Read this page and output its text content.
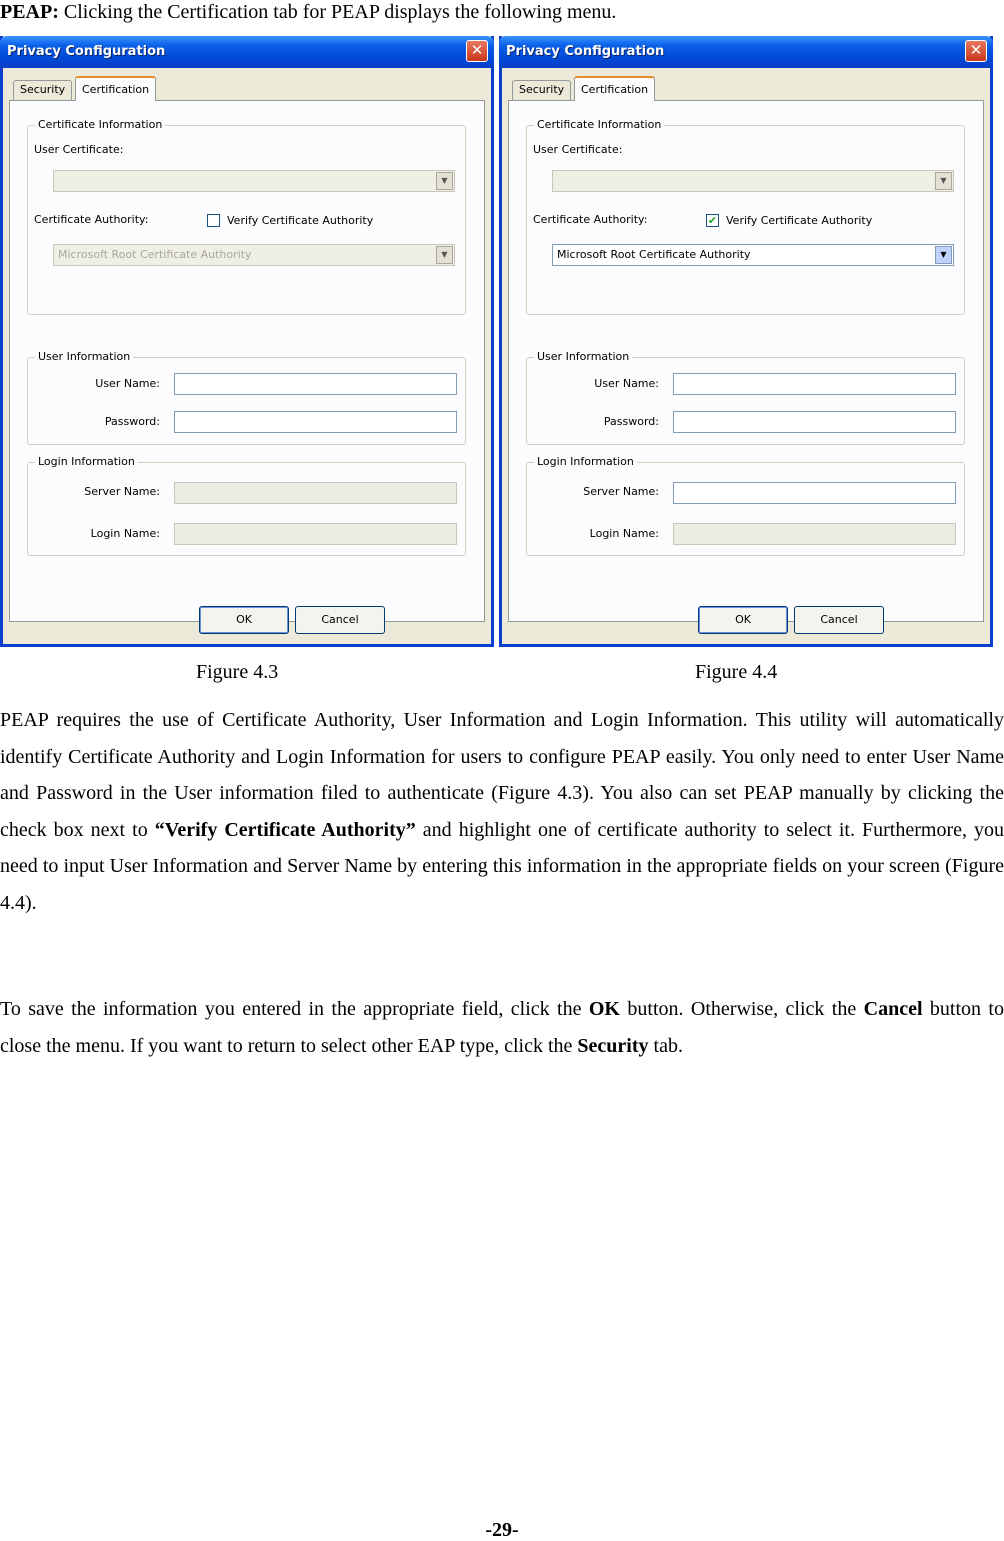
PEAP: Clicking the Certification tab for PEAP displays the following menu.
Privacy Configuration	✕
Security	Certification
Certificate Information
User Certificate:
▼
Certificate Authority:	Verify Certificate Authority
Microsoft Root Certificate Authority	▼
User Information
User Name:
Password:
Login Information
Server Name:
Login Name:
OK	Cancel
Privacy Configuration	✕
Security	Certification
Certificate Information
User Certificate:
▼
Certificate Authority:	✔ Verify Certificate Authority
Microsoft Root Certificate Authority	▼
User Information
User Name:
Password:
Login Information
Server Name:
Login Name:
OK	Cancel
Figure 4.3	Figure 4.4

PEAP requires the use of Certificate Authority, User Information and Login Information. This utility will automatically identify Certificate Authority and Login Information for users to configure PEAP easily. You only need to enter User Name and Password in the User information filed to authenticate (Figure 4.3). You also can set PEAP manually by clicking the check box next to “Verify Certificate Authority” and highlight one of certificate authority to select it. Furthermore, you need to input User Information and Server Name by entering this information in the appropriate fields on your screen (Figure 4.4).

To save the information you entered in the appropriate field, click the OK button. Otherwise, click the Cancel button to close the menu. If you want to return to select other EAP type, click the Security tab.

-29-
